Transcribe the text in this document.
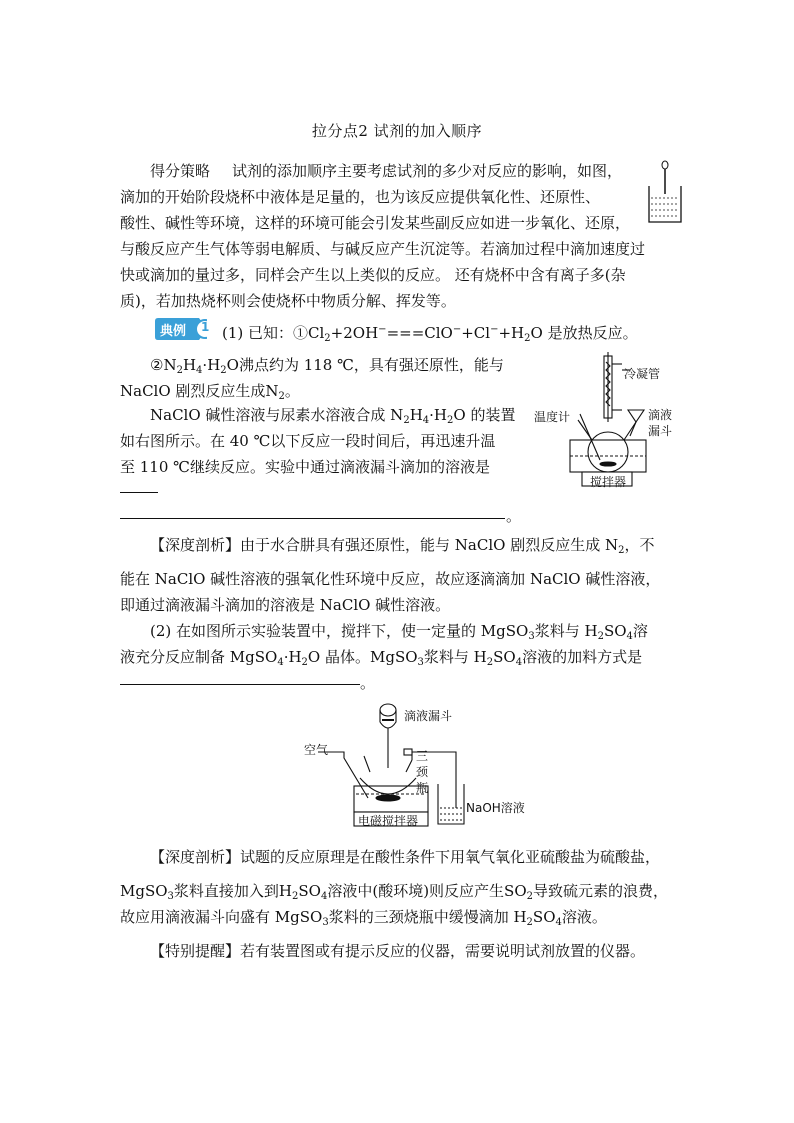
拉分点2 试剂的加入顺序
得分策略 试剂的添加顺序主要考虑试剂的多少对反应的影响，如图，
滴加的开始阶段烧杯中液体是足量的，也为该反应提供氧化性、还原性、
酸性、碱性等环境，这样的环境可能会引发某些副反应如进一步氧化、还原，
与酸反应产生气体等弱电解质、与碱反应产生沉淀等。若滴加过程中滴加速度过
快或滴加的量过多，同样会产生以上类似的反应。 还有烧杯中含有离子多(杂
质)，若加热烧杯则会使烧杯中物质分解、挥发等。
典例 1 (1) 已知：$①Cl_2+2OH^-===ClO^-+Cl^-+H_2O$ 是放热反应。
$②N_2H_4\cdot H_2O$沸点约为 118 ℃，具有强还原性，能与
NaClO 剧烈反应生成$N_2$。
NaClO 碱性溶液与尿素水溶液合成 $N_2H_4\cdot H_2O$ 的装置
如右图所示。在 40 ℃以下反应一段时间后，再迅速升温
至 110 ℃继续反应。实验中通过滴液漏斗滴加的溶液是
。
冷凝管
温度计	滴液
漏斗
搅拌器
【深度剖析】由于水合肼具有强还原性，能与 NaClO 剧烈反应生成 $N_2$，不
能在 NaClO 碱性溶液的强氧化性环境中反应，故应逐滴滴加 NaClO 碱性溶液，
即通过滴液漏斗滴加的溶液是 NaClO 碱性溶液。
(2) 在如图所示实验装置中，搅拌下，使一定量的 MgSO$_3$浆料与 $H_2SO_4$溶
液充分反应制备 $MgSO_4\cdot H_2O$ 晶体。MgSO$_3$浆料与 $H_2SO_4$溶液的加料方式是
。
滴液漏斗
空气	三
颈
瓶
NaOH溶液
电磁搅拌器
【深度剖析】试题的反应原理是在酸性条件下用氧气氧化亚硫酸盐为硫酸盐，
MgSO$_3$浆料直接加入到$H_2SO_4$溶液中(酸环境)则反应产生$SO_2$导致硫元素的浪费，
故应用滴液漏斗向盛有 MgSO$_3$浆料的三颈烧瓶中缓慢滴加 $H_2SO_4$溶液。
【特别提醒】若有装置图或有提示反应的仪器，需要说明试剂放置的仪器。
